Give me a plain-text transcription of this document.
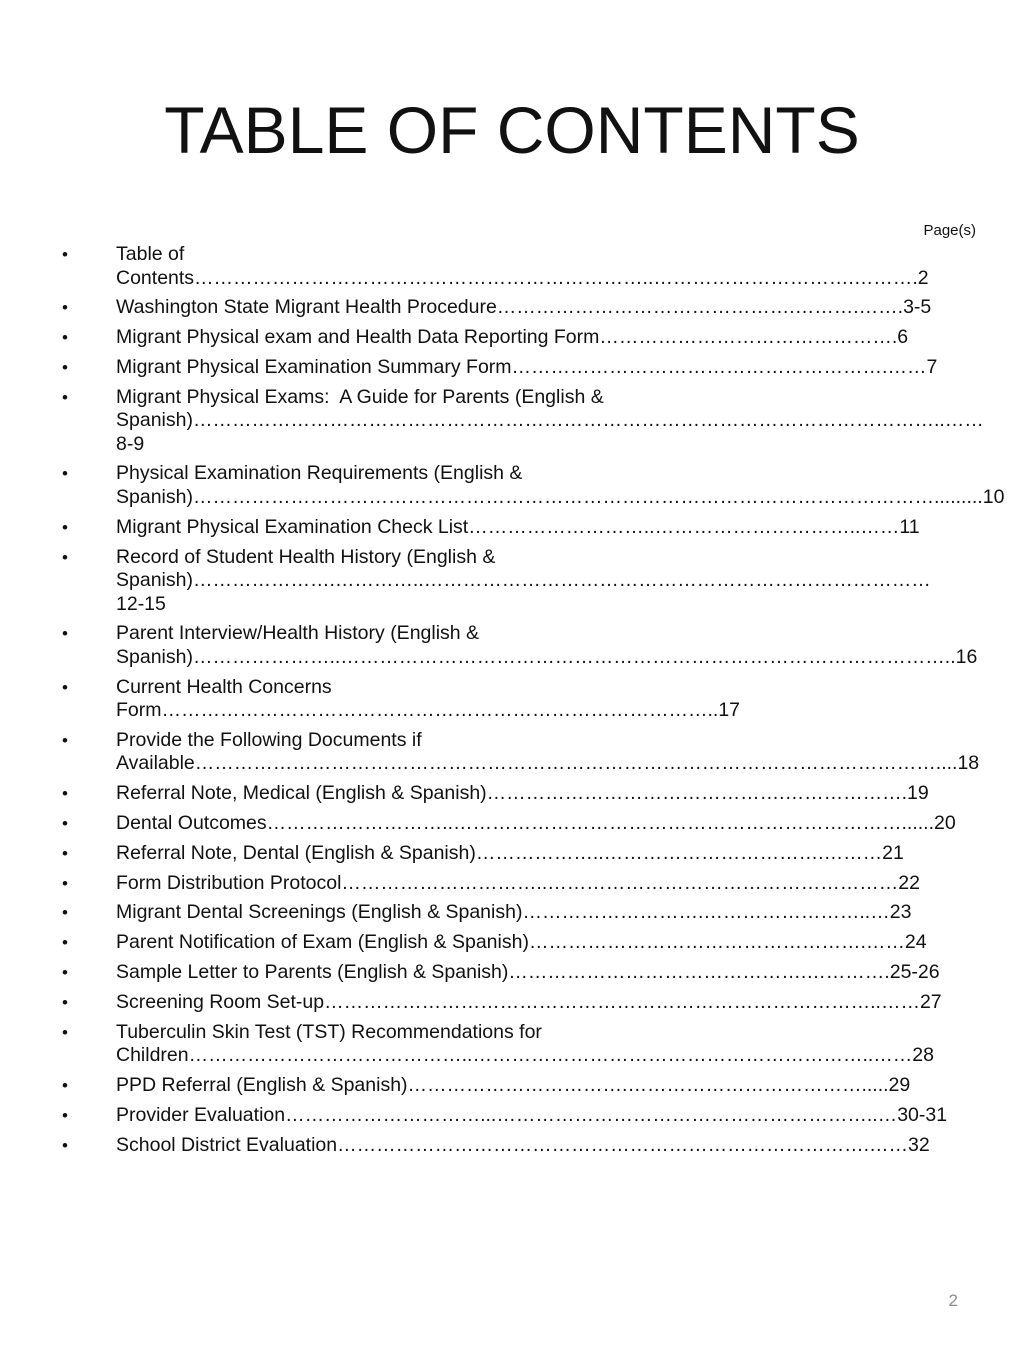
TABLE OF CONTENTS
Page(s)
• Table of Contents……………………………………………………………..………………………….……….2
• Washington State Migrant Health Procedure……………………………………….……….…….3-5
• Migrant Physical exam and Health Data Reporting Form……………………………………….6
• Migrant Physical Examination Summary Form………………………………………………….……7
• Migrant Physical Exams:  A Guide for Parents (English &
Spanish)……………………………………………………………………………………………………..……8-9
• Physical Examination Requirements (English &
Spanish)…………………………………………………………………………………………………….........10
• Migrant Physical Examination Check List………………………..…………………………..……11
• Record of Student Health History (English &
Spanish)………………….…………..……………………………………………………………………12-15
• Parent Interview/Health History (English &
Spanish)…………………..…………………………………………………………………………………..16
• Current Health Concerns Form…………………………………………………………………………..17
• Provide the Following Documents if
Available……………………………………………………………………………………………………....18
• Referral Note, Medical (English & Spanish)……………………………………….……………….19
• Dental Outcomes………………………..……………………………………………………………......20
• Referral Note, Dental (English & Spanish)………………..…………………………….………21
• Form Distribution Protocol…………………………..………………………………………………22
• Migrant Dental Screenings (English & Spanish)……………………….……………………..…23
• Parent Notification of Exam (English & Spanish)…………………………………………….……24
• Sample Letter to Parents (English & Spanish)……………………………………….………….25-26
• Screening Room Set-up…………………………………………………………………………..……27
• Tuberculin Skin Test (TST) Recommendations for
Children……………………………………..……………………………………………………..……28
• PPD Referral (English & Spanish)…………………………….……………………………….....29
• Provider Evaluation…………………………...…………………………………………………..…30-31
• School District Evaluation……………………………………………………………………….……32
2
